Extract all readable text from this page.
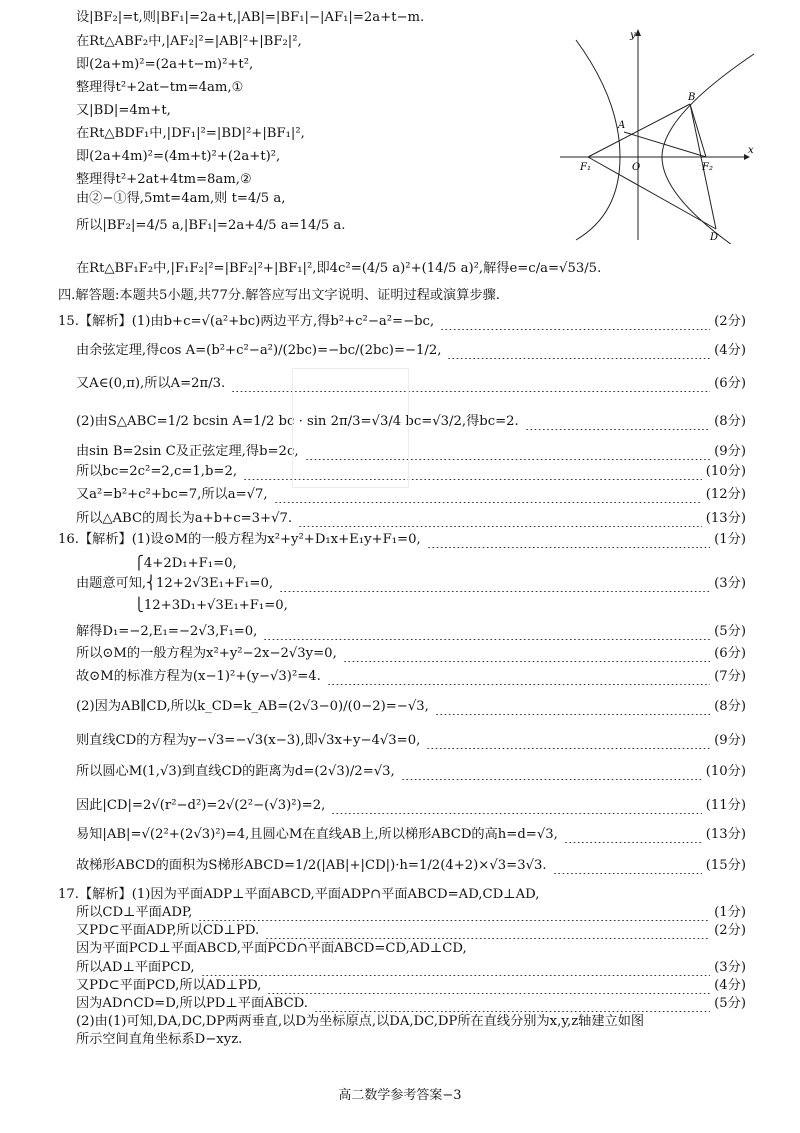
设|BF₂|=t,则|BF₁|=2a+t,|AB|=|BF₁|−|AF₁|=2a+t−m.
在Rt△ABF₂中,|AF₂|²=|AB|²+|BF₂|²,
即(2a+m)²=(2a+t−m)²+t²,
整理得t²+2at−tm=4am,①
又|BD|=4m+t,
在Rt△BDF₁中,|DF₁|²=|BD|²+|BF₁|²,
即(2a+4m)²=(4m+t)²+(2a+t)²,
整理得t²+2at+4tm=8am,②
由②−①得,5mt=4am,则 t=4/5 a,
所以|BF₂|=4/5 a,|BF₁|=2a+4/5 a=14/5 a.
在Rt△BF₁F₂中,|F₁F₂|²=|BF₂|²+|BF₁|²,即4c²=(4/5 a)²+(14/5 a)²,解得e=c/a=√53/5.
四.解答题:本题共5小题,共77分.解答应写出文字说明、证明过程或演算步骤.
15.【解析】(1)由b+c=√(a²+bc)两边平方,得b²+c²−a²=−bc,	(2分)
由余弦定理,得cos A=(b²+c²−a²)/(2bc)=−bc/(2bc)=−1/2,	(4分)
又A∈(0,π),所以A=2π/3.	(6分)
(2)由S△ABC=1/2 bcsin A=1/2 bc · sin 2π/3=√3/4 bc=√3/2,得bc=2.	(8分)
由sin B=2sin C及正弦定理,得b=2c,	(9分)
所以bc=2c²=2,c=1,b=2,	(10分)
又a²=b²+c²+bc=7,所以a=√7,	(12分)
所以△ABC的周长为a+b+c=3+√7.	(13分)
16.【解析】(1)设⊙M的一般方程为x²+y²+D₁x+E₁y+F₁=0,	(1分)
⎧4+2D₁+F₁=0,
由题意可知,⎨12+2√3E₁+F₁=0,	(3分)
⎩12+3D₁+√3E₁+F₁=0,
解得D₁=−2,E₁=−2√3,F₁=0,	(5分)
所以⊙M的一般方程为x²+y²−2x−2√3y=0,	(6分)
故⊙M的标准方程为(x−1)²+(y−√3)²=4.	(7分)
(2)因为AB∥CD,所以k_CD=k_AB=(2√3−0)/(0−2)=−√3,	(8分)
则直线CD的方程为y−√3=−√3(x−3),即√3x+y−4√3=0,	(9分)
所以圆心M(1,√3)到直线CD的距离为d=(2√3)/2=√3,	(10分)
因此|CD|=2√(r²−d²)=2√(2²−(√3)²)=2,	(11分)
易知|AB|=√(2²+(2√3)²)=4,且圆心M在直线AB上,所以梯形ABCD的高h=d=√3,	(13分)
故梯形ABCD的面积为S梯形ABCD=1/2(|AB|+|CD|)·h=1/2(4+2)×√3=3√3.	(15分)
17.【解析】(1)因为平面ADP⊥平面ABCD,平面ADP∩平面ABCD=AD,CD⊥AD,
所以CD⊥平面ADP,	(1分)
又PD⊂平面ADP,所以CD⊥PD.	(2分)
因为平面PCD⊥平面ABCD,平面PCD∩平面ABCD=CD,AD⊥CD,
所以AD⊥平面PCD,	(3分)
又PD⊂平面PCD,所以AD⊥PD,	(4分)
因为AD∩CD=D,所以PD⊥平面ABCD.	(5分)
(2)由(1)可知,DA,DC,DP两两垂直,以D为坐标原点,以DA,DC,DP所在直线分别为x,y,z轴建立如图
所示空间直角坐标系D−xyz.
y
x
A
B
O
F₁	F₂
D
高二数学参考答案−3
